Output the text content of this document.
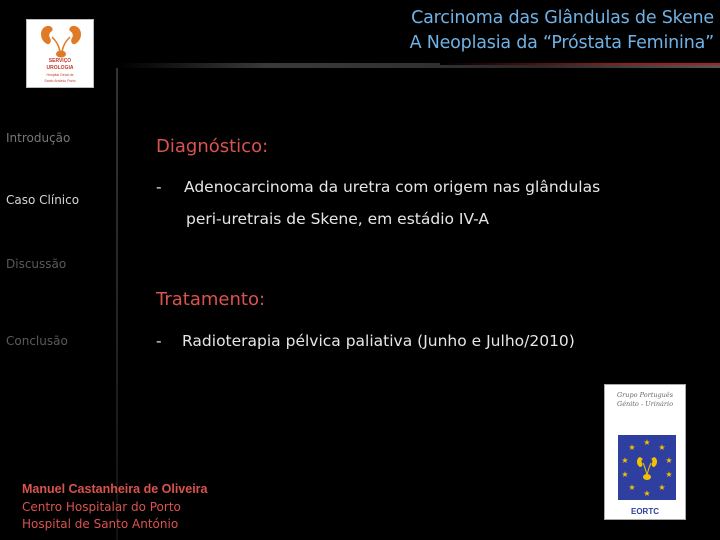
SERVIÇO
UROLOGIA
Hospital Geral de
Santo António Porto
Carcinoma das Glândulas de Skene
A Neoplasia da “Próstata Feminina”
Introdução
Caso Clínico
Discussão
Conclusão
Diagnóstico:
- Adenocarcinoma da uretra com origem nas glândulas
peri-uretrais de Skene, em estádio IV-A
Tratamento:
- Radioterapia pélvica paliativa (Junho e Julho/2010)
Manuel Castanheira de Oliveira
Centro Hospitalar do Porto
Hospital de Santo António
Grupo Português
Génito - Urinário
★
★
★
★
★
★
★
★
★
★
EORTC
